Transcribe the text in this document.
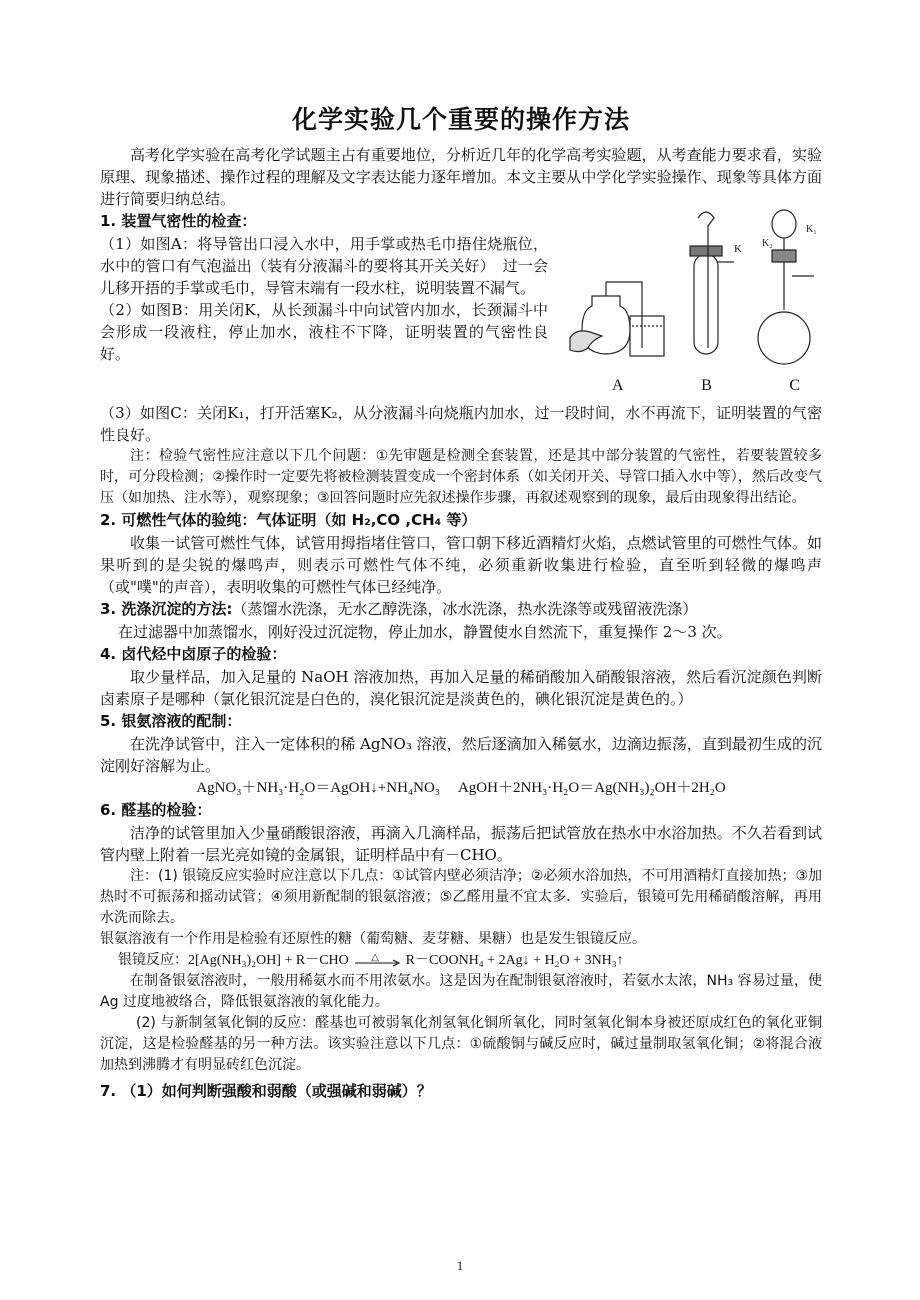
化学实验几个重要的操作方法

高考化学实验在高考化学试题主占有重要地位，分析近几年的化学高考实验题，从考查能力要求看，实验原理、现象描述、操作过程的理解及文字表达能力逐年增加。本文主要从中学化学实验操作、现象等具体方面进行简要归纳总结。

1. 装置气密性的检查：

（1）如图A：将导管出口浸入水中，用手掌或热毛巾捂住烧瓶位，水中的管口有气泡溢出（装有分液漏斗的要将其开关关好）　过一会儿移开捂的手掌或毛巾，导管末端有一段水柱，说明装置不漏气。

（2）如图B：用关闭K，从长颈漏斗中向试管内加水，长颈漏斗中会形成一段液柱，停止加水，液柱不下降，证明装置的气密性良好。

K K₂
K₁
A	B	C

（3）如图C：关闭K₁，打开活塞K₂，从分液漏斗向烧瓶内加水，过一段时间，水不再流下，证明装置的气密性良好。

注：检验气密性应注意以下几个问题：①先审题是检测全套装置，还是其中部分装置的气密性，若要装置较多时，可分段检测；②操作时一定要先将被检测装置变成一个密封体系（如关闭开关、导管口插入水中等），然后改变气压（如加热、注水等），观察现象；③回答问题时应先叙述操作步骤，再叙述观察到的现象，最后由现象得出结论。

2. 可燃性气体的验纯：气体证明（如 H₂,CO ,CH₄ 等）

收集一试管可燃性气体，试管用拇指堵住管口，管口朝下移近酒精灯火焰，点燃试管里的可燃性气体。如果听到的是尖锐的爆鸣声，则表示可燃性气体不纯，必须重新收集进行检验，直至听到轻微的爆鸣声（或"噗"的声音），表明收集的可燃性气体已经纯净。

3. 洗涤沉淀的方法:（蒸馏水洗涤，无水乙醇洗涤，冰水洗涤，热水洗涤等或残留液洗涤）

在过滤器中加蒸馏水，刚好没过沉淀物，停止加水，静置使水自然流下，重复操作 2～3 次。

4. 卤代烃中卤原子的检验：

取少量样品，加入足量的 NaOH 溶液加热，再加入足量的稀硝酸加入硝酸银溶液，然后看沉淀颜色判断卤素原子是哪种（氯化银沉淀是白色的，溴化银沉淀是淡黄色的，碘化银沉淀是黄色的。）

5. 银氨溶液的配制：

在洗净试管中，注入一定体积的稀 AgNO₃ 溶液，然后逐滴加入稀氨水，边滴边振荡，直到最初生成的沉淀刚好溶解为止。

AgNO₃＋NH₃·H₂O＝AgOH↓+NH₄NO₃　 AgOH＋2NH₃·H₂O＝Ag(NH₃)₂OH＋2H₂O
6. 醛基的检验：

洁净的试管里加入少量硝酸银溶液，再滴入几滴样品，振荡后把试管放在热水中水浴加热。不久若看到试管内壁上附着一层光亮如镜的金属银，证明样品中有－CHO。

注：(1) 银镜反应实验时应注意以下几点：①试管内壁必须洁净；②必须水浴加热，不可用酒精灯直接加热；③加热时不可振荡和摇动试管；④须用新配制的银氨溶液；⑤乙醛用量不宜太多．实验后，银镜可先用稀硝酸溶解，再用水洗而除去。

银氨溶液有一个作用是检验有还原性的糖（葡萄糖、麦芽糖、果糖）也是发生银镜反应。

银镜反应：2[Ag(NH₃)₂OH] + R－CHO △ R－COONH₄ + 2Ag↓ + H₂O + 3NH₃↑

在制备银氨溶液时，一般用稀氨水而不用浓氨水。这是因为在配制银氨溶液时，若氨水太浓，NH₃ 容易过量，使 Ag 过度地被络合，降低银氨溶液的氧化能力。

(2) 与新制氢氧化铜的反应：醛基也可被弱氧化剂氢氧化铜所氧化，同时氢氧化铜本身被还原成红色的氧化亚铜沉淀，这是检验醛基的另一种方法。该实验注意以下几点：①硫酸铜与碱反应时，碱过量制取氢氧化铜；②将混合液加热到沸腾才有明显砖红色沉淀。

7. （1）如何判断强酸和弱酸（或强碱和弱碱）？
1
